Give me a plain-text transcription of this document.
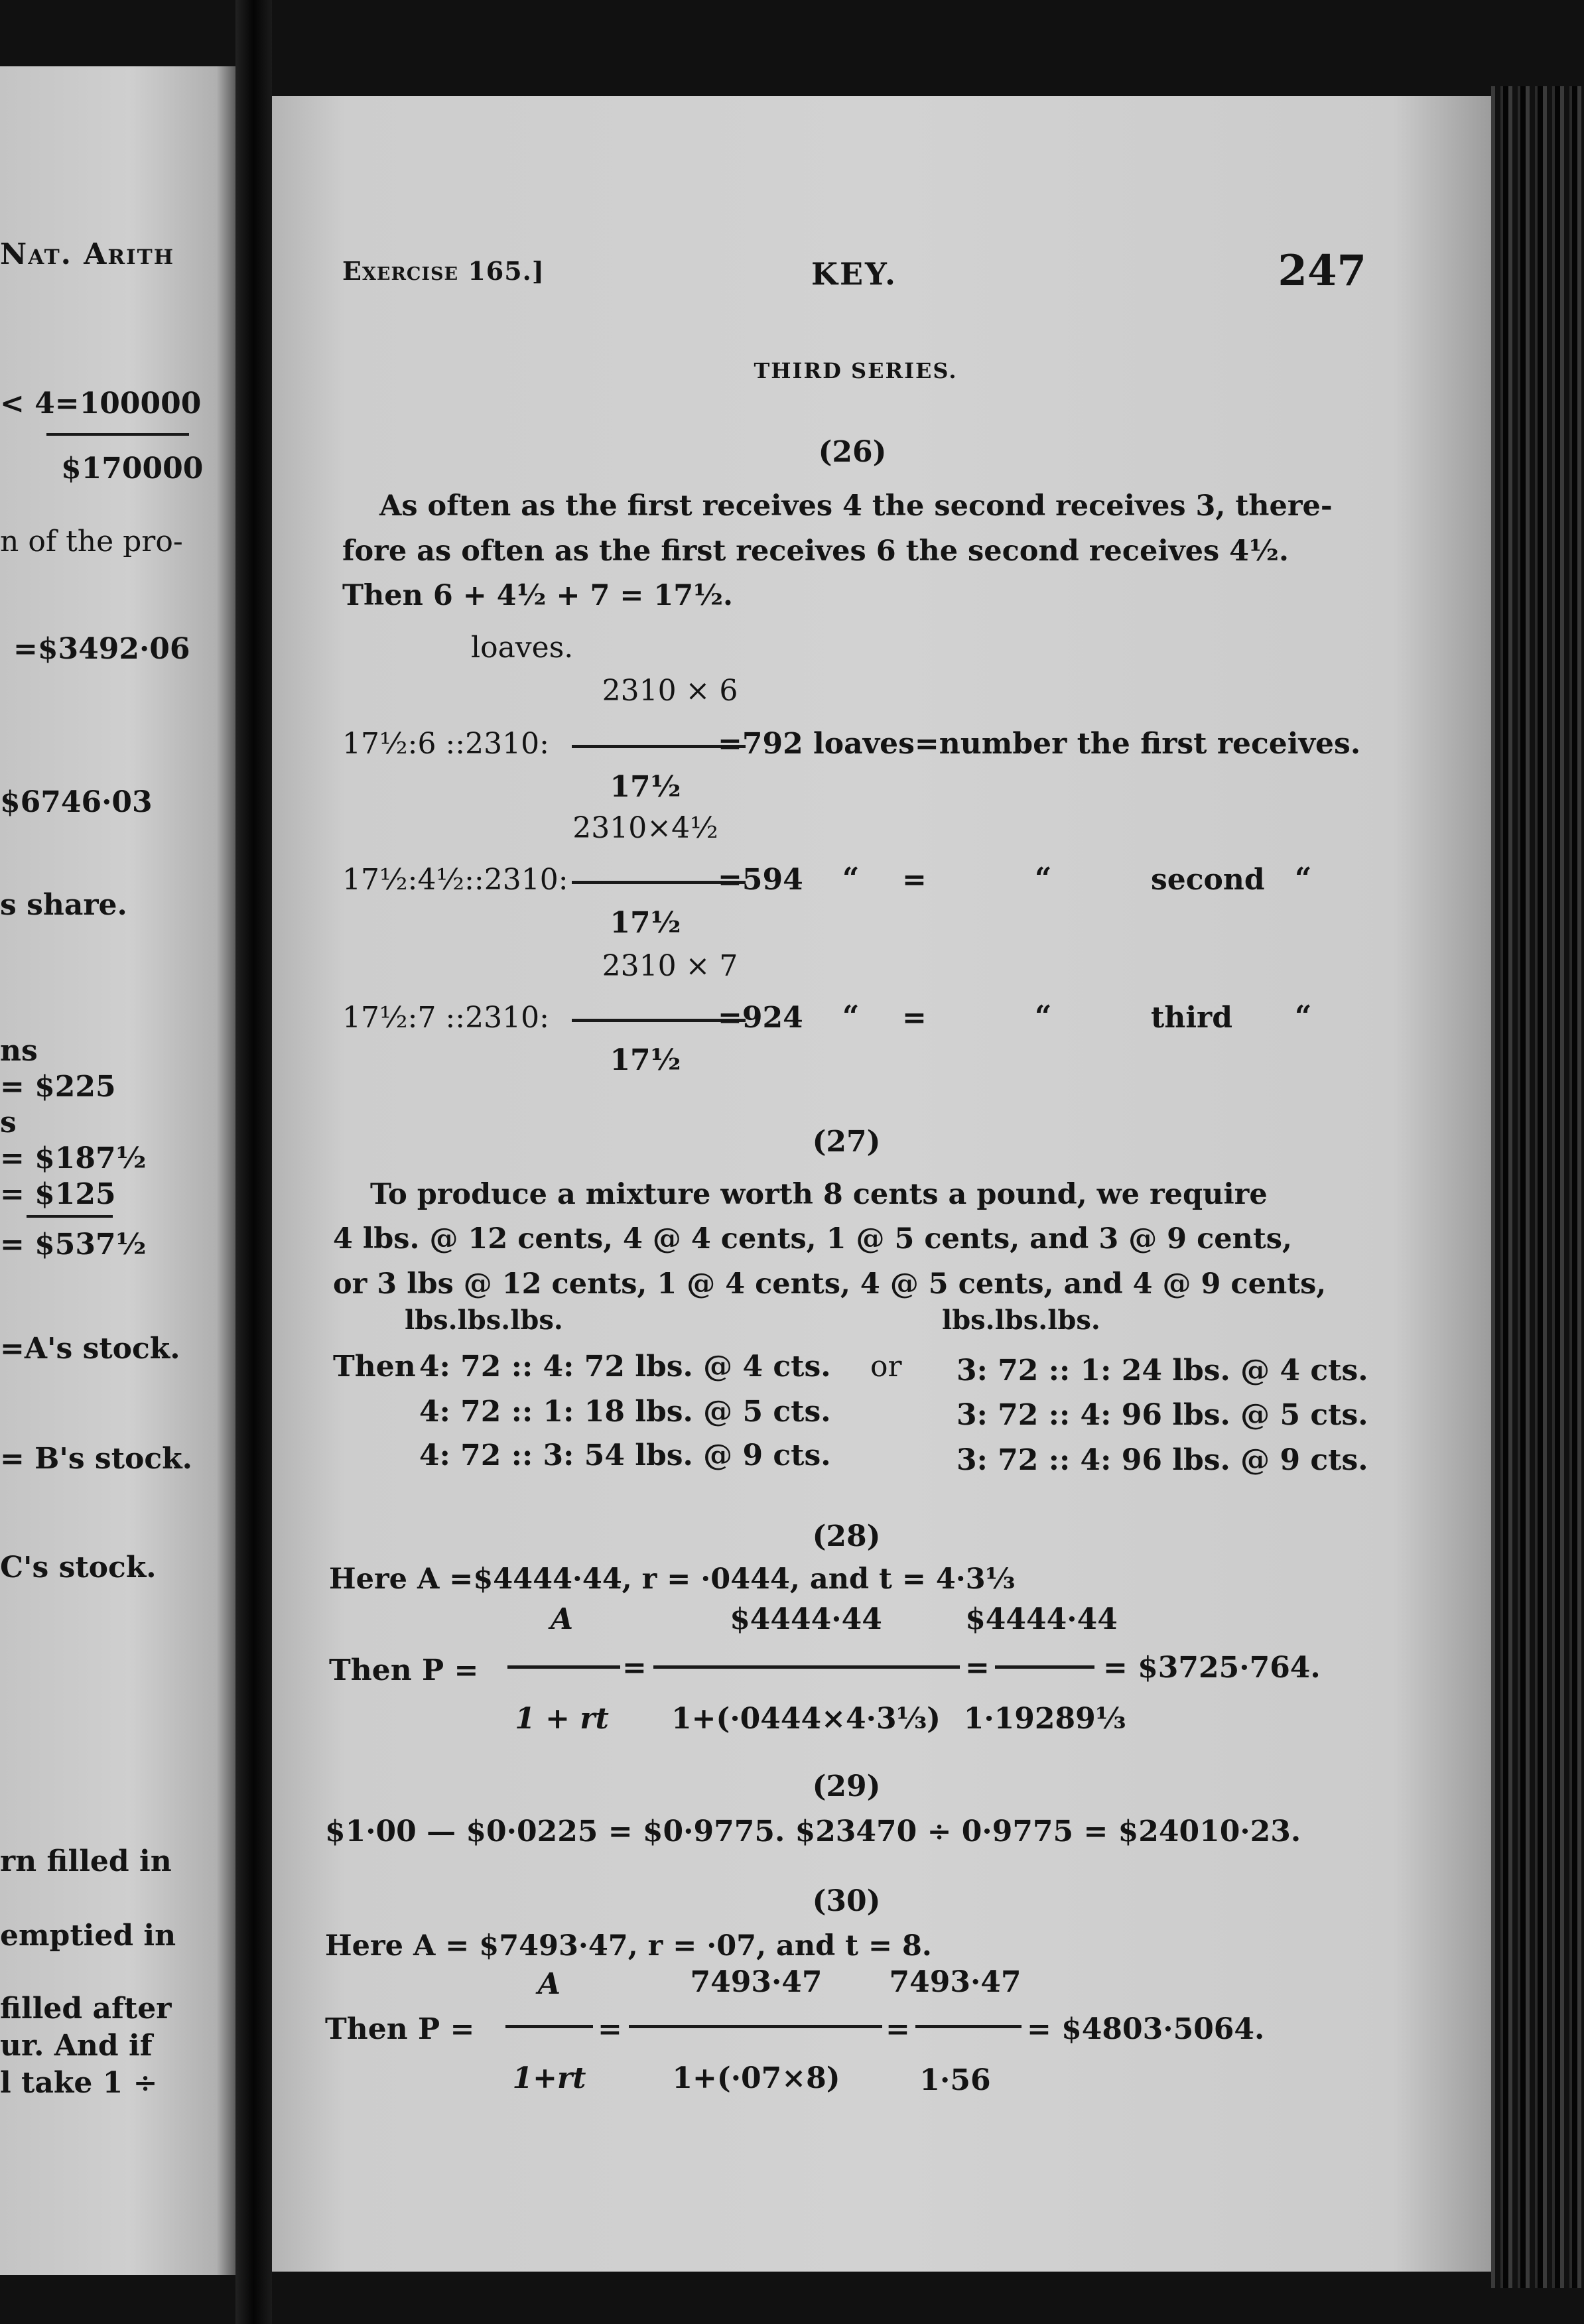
Nat. Arith
< 4=100000
$170000
n of the pro-
=$3492·06
$6746·03
s share.
ns
= $225
s
= $187½
= $125
= $537½
=A's stock.
= B's stock.
C's stock.
rn filled in
emptied in
filled after
ur. And if
l take 1 ÷
Exercise 165.]	KEY.	247
THIRD SERIES.
(26)
As often as the first receives 4 the second receives 3, there-
fore as often as the first receives 6 the second receives 4½.
Then 6 + 4½ + 7 = 17½.
loaves.
2310 × 6
17½:6 ::2310:	=792 loaves=number the first receives.
17½
2310×4½
17½:4½::2310:	=594 “ =	“	second “
17½
2310 × 7
17½:7 ::2310:	=924 “ =	“	third “
17½
(27)
To produce a mixture worth 8 cents a pound, we require
4 lbs. @ 12 cents, 4 @ 4 cents, 1 @ 5 cents, and 3 @ 9 cents,
or 3 lbs @ 12 cents, 1 @ 4 cents, 4 @ 5 cents, and 4 @ 9 cents,
lbs.lbs.lbs.	lbs.lbs.lbs.
Then 4: 72 :: 4: 72 lbs. @ 4 cts. or 3: 72 :: 1: 24 lbs. @ 4 cts.
4: 72 :: 1: 18 lbs. @ 5 cts.	3: 72 :: 4: 96 lbs. @ 5 cts.
4: 72 :: 3: 54 lbs. @ 9 cts.	3: 72 :: 4: 96 lbs. @ 9 cts.
(28)
Here A =$4444·44, r = ·0444, and t = 4·3⅓
A	$4444·44	$4444·44
Then P =	=	=	= $3725·764.
1 + rt 1+(·0444×4·3⅓) 1·19289⅓
(29)
$1·00 — $0·0225 = $0·9775. $23470 ÷ 0·9775 = $24010·23.
(30)
Here A = $7493·47, r = ·07, and t = 8.
A	7493·47 7493·47
Then P =	=	=	= $4803·5064.
1+rt	1+(·07×8)	1·56
